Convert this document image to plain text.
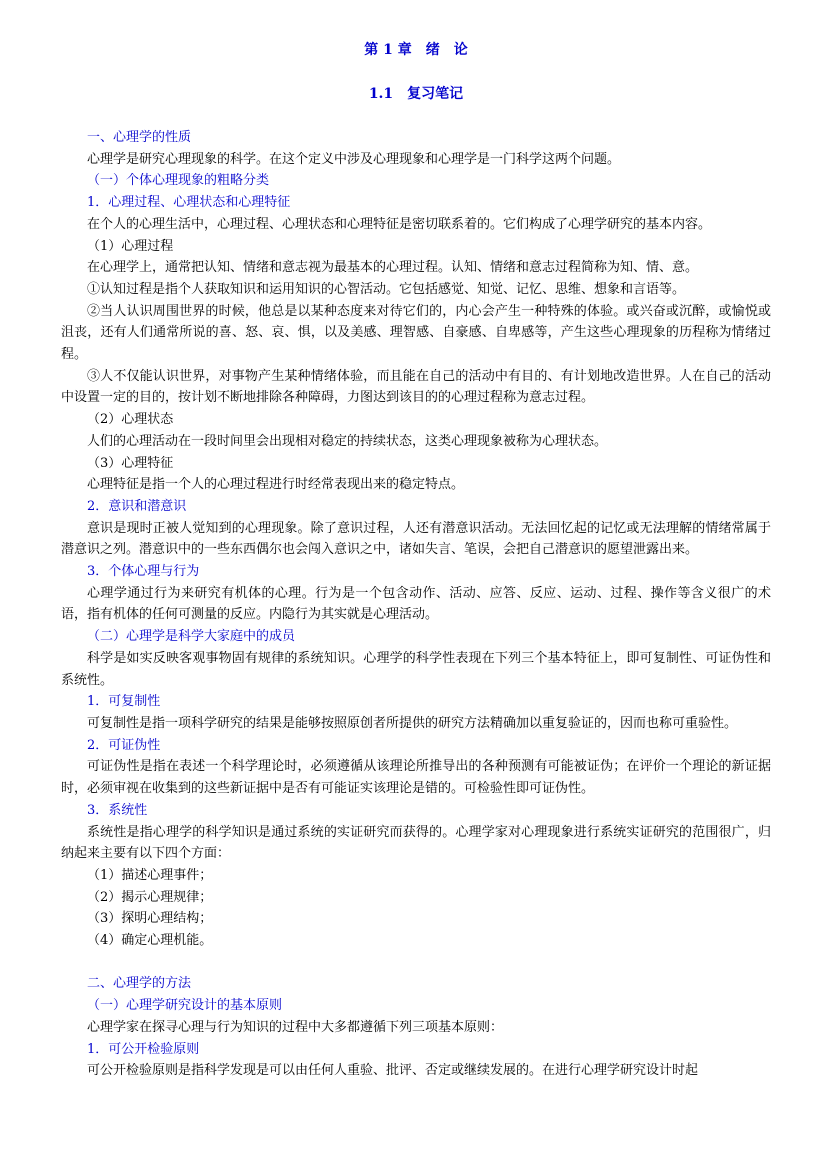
第 1 章　绪　论
1.1　复习笔记
一、心理学的性质
心理学是研究心理现象的科学。在这个定义中涉及心理现象和心理学是一门科学这两个问题。
（一）个体心理现象的粗略分类
1．心理过程、心理状态和心理特征
在个人的心理生活中，心理过程、心理状态和心理特征是密切联系着的。它们构成了心理学研究的基本内容。
（1）心理过程
在心理学上，通常把认知、情绪和意志视为最基本的心理过程。认知、情绪和意志过程简称为知、情、意。
①认知过程是指个人获取知识和运用知识的心智活动。它包括感觉、知觉、记忆、思维、想象和言语等。
②当人认识周围世界的时候，他总是以某种态度来对待它们的，内心会产生一种特殊的体验。或兴奋或沉醉，或愉悦或沮丧，还有人们通常所说的喜、怒、哀、惧，以及美感、理智感、自豪感、自卑感等，产生这些心理现象的历程称为情绪过程。
③人不仅能认识世界，对事物产生某种情绪体验，而且能在自己的活动中有目的、有计划地改造世界。人在自己的活动中设置一定的目的，按计划不断地排除各种障碍，力图达到该目的的心理过程称为意志过程。
（2）心理状态
人们的心理活动在一段时间里会出现相对稳定的持续状态，这类心理现象被称为心理状态。
（3）心理特征
心理特征是指一个人的心理过程进行时经常表现出来的稳定特点。
2．意识和潜意识
意识是现时正被人觉知到的心理现象。除了意识过程，人还有潜意识活动。无法回忆起的记忆或无法理解的情绪常属于潜意识之列。潜意识中的一些东西偶尔也会闯入意识之中，诸如失言、笔误，会把自己潜意识的愿望泄露出来。
3．个体心理与行为
心理学通过行为来研究有机体的心理。行为是一个包含动作、活动、应答、反应、运动、过程、操作等含义很广的术语，指有机体的任何可测量的反应。内隐行为其实就是心理活动。
（二）心理学是科学大家庭中的成员
科学是如实反映客观事物固有规律的系统知识。心理学的科学性表现在下列三个基本特征上，即可复制性、可证伪性和系统性。
1．可复制性
可复制性是指一项科学研究的结果是能够按照原创者所提供的研究方法精确加以重复验证的，因而也称可重验性。
2．可证伪性
可证伪性是指在表述一个科学理论时，必须遵循从该理论所推导出的各种预测有可能被证伪；在评价一个理论的新证据时，必须审视在收集到的这些新证据中是否有可能证实该理论是错的。可检验性即可证伪性。
3．系统性
系统性是指心理学的科学知识是通过系统的实证研究而获得的。心理学家对心理现象进行系统实证研究的范围很广，归纳起来主要有以下四个方面：
（1）描述心理事件；
（2）揭示心理规律；
（3）探明心理结构；
（4）确定心理机能。
二、心理学的方法
（一）心理学研究设计的基本原则
心理学家在探寻心理与行为知识的过程中大多都遵循下列三项基本原则：
1．可公开检验原则
可公开检验原则是指科学发现是可以由任何人重验、批评、否定或继续发展的。在进行心理学研究设计时起
